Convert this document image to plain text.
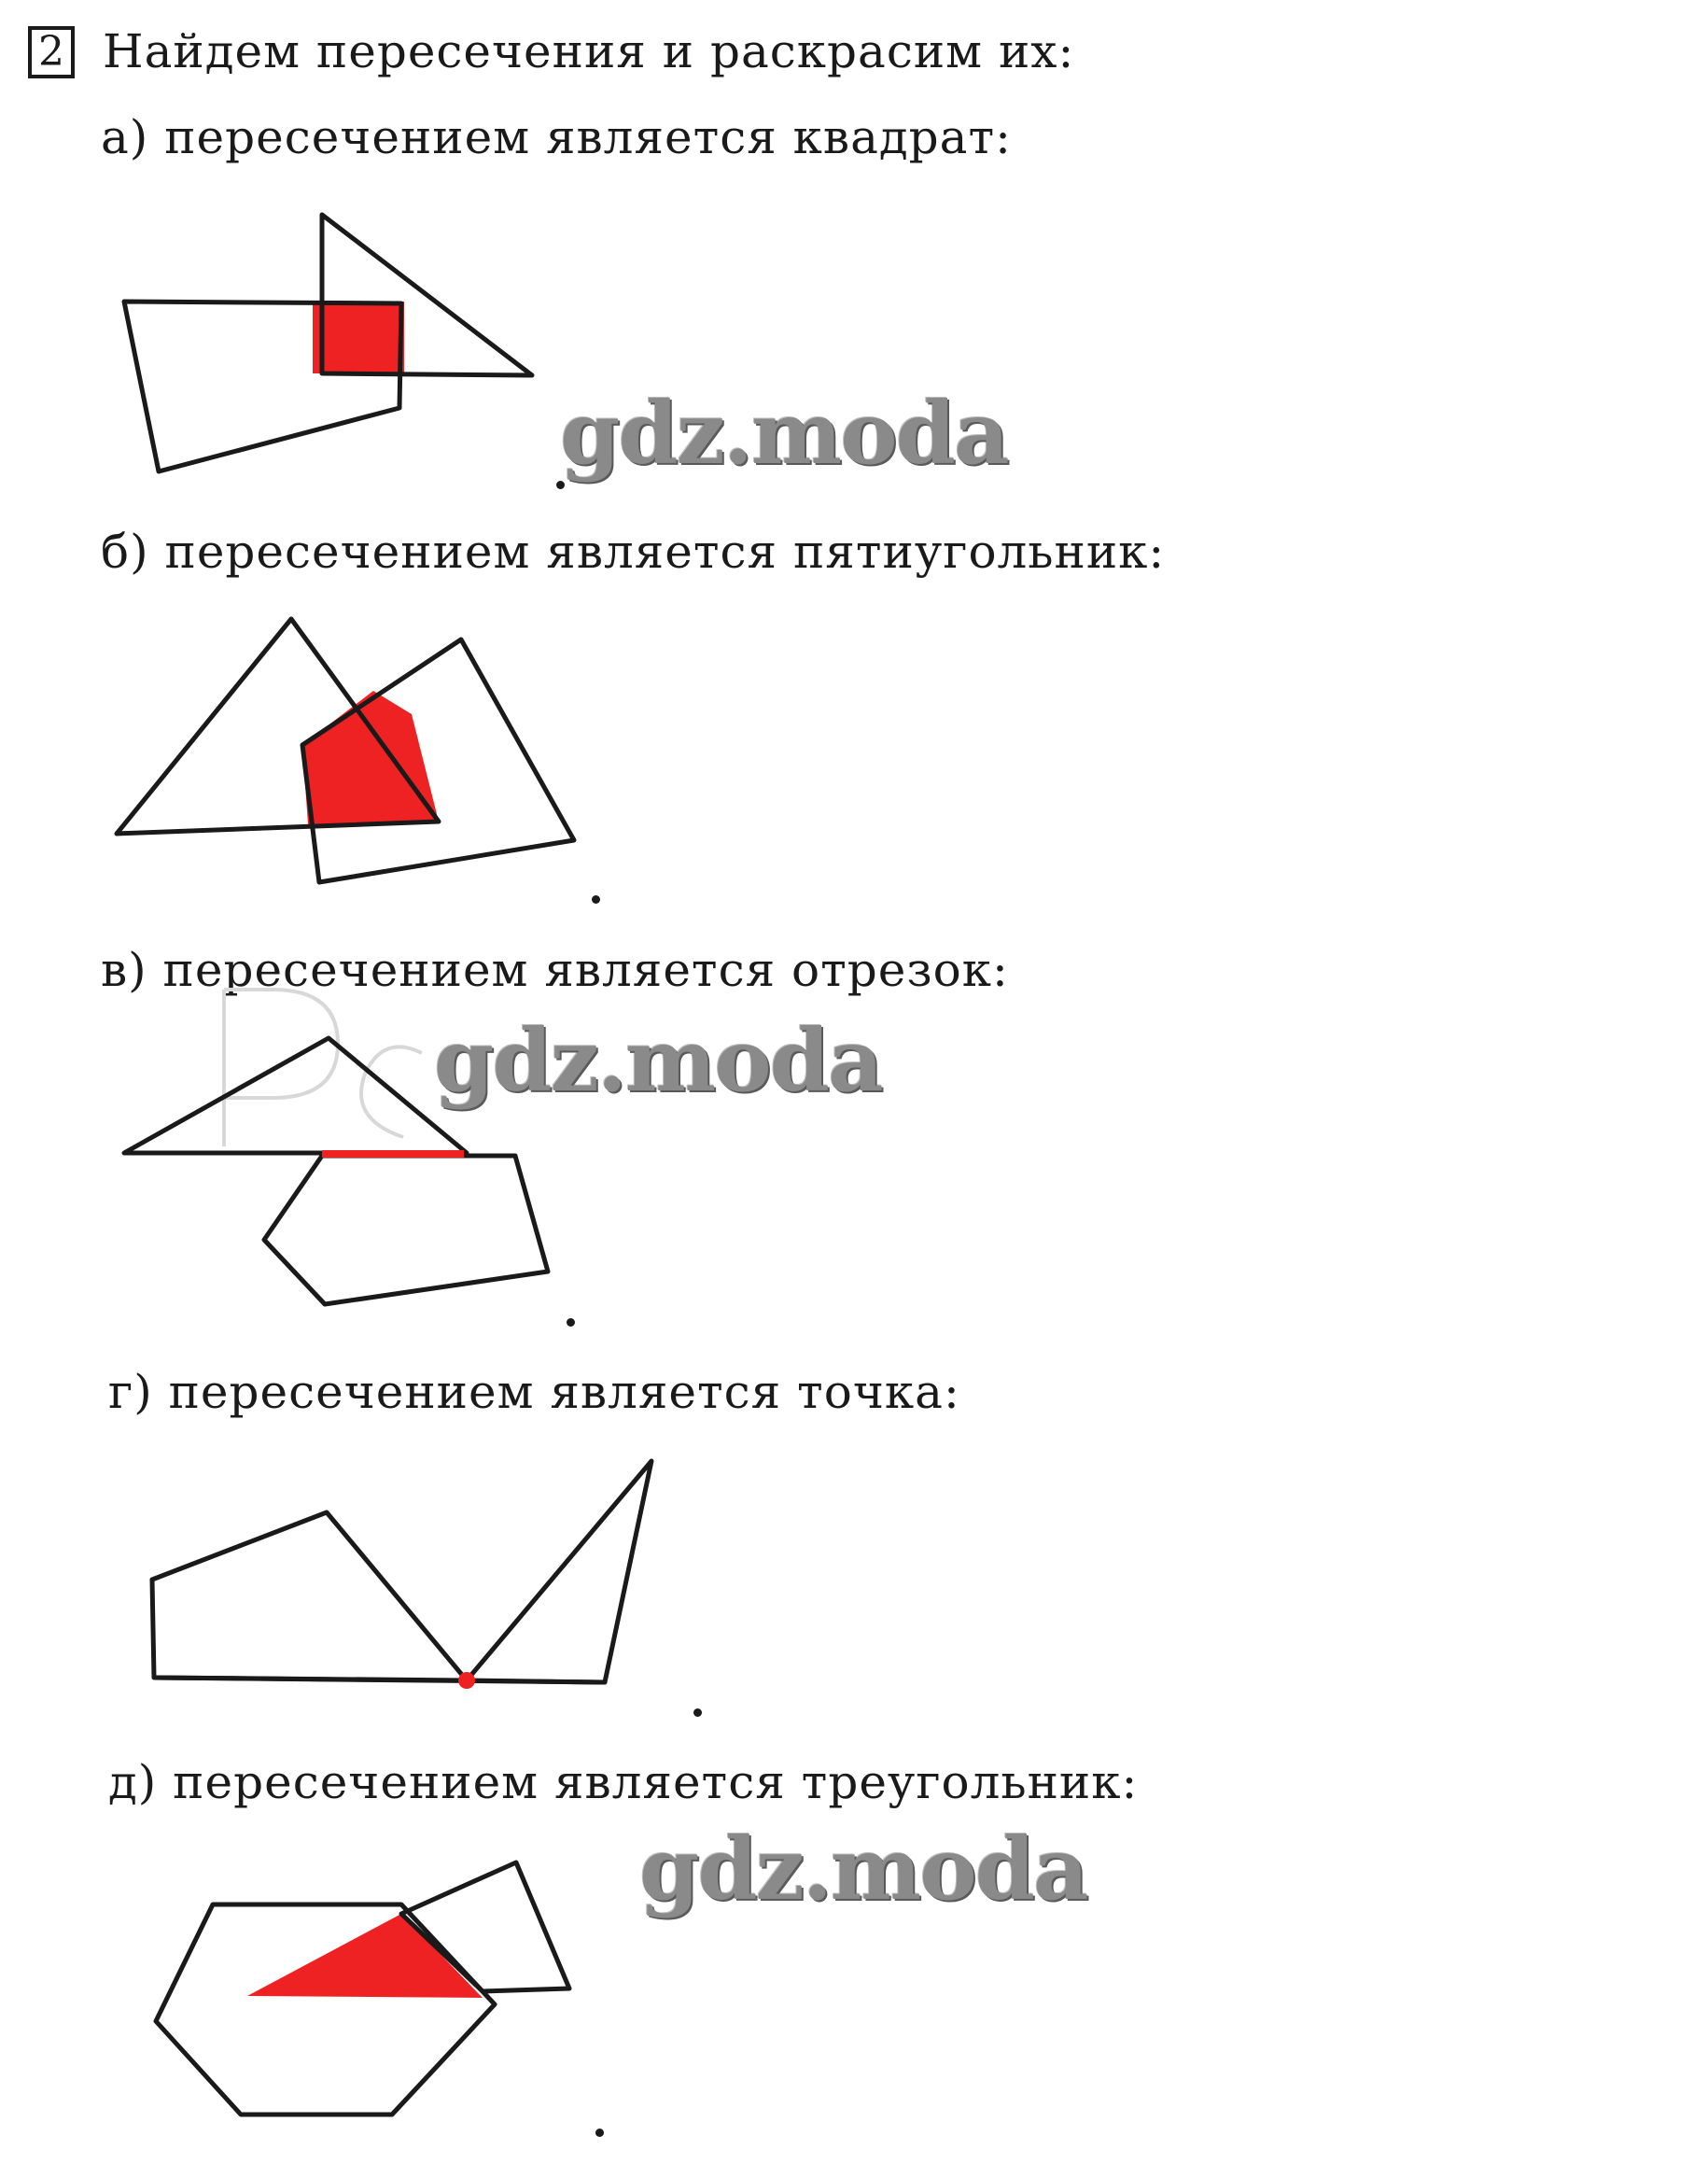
2 Найдем пересечения и раскрасим их:
а) пересечением является квадрат:
gdz.moda
б) пересечением является пятиугольник:
в) пересечением является отрезок:
gdz.moda
г) пересечением является точка:
д) пересечением является треугольник:
gdz.moda
